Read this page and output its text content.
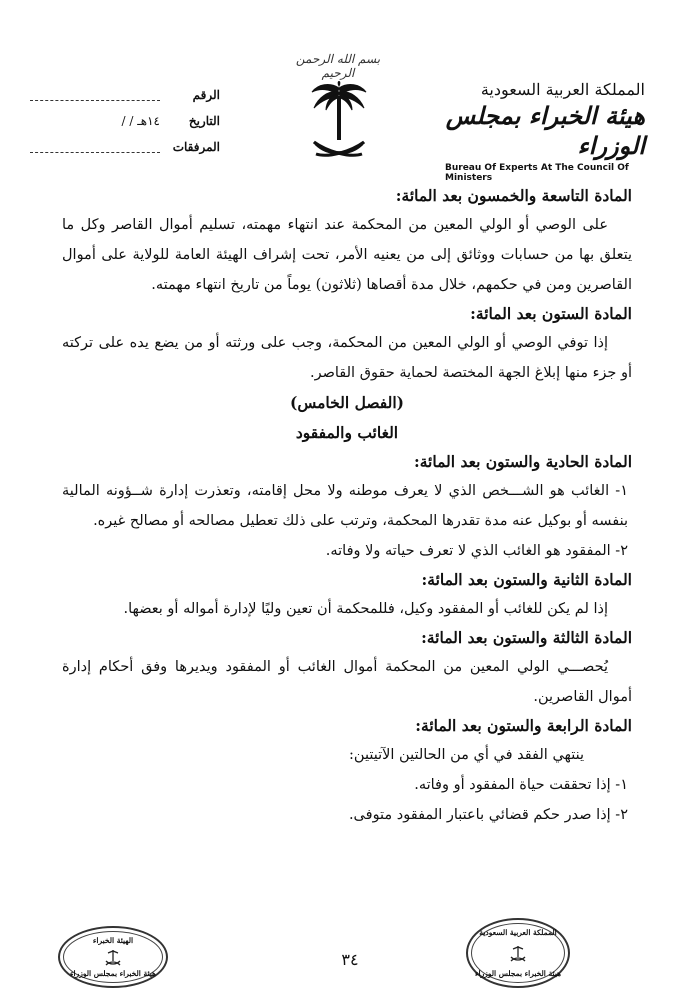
بسم الله الرحمن الرحيم
المملكة العربية السعودية
هيئة الخبراء بمجلس الوزراء
Bureau Of Experts At The Council Of Ministers
الرقم
التاريخ
/ / ١٤هـ
المرفقات

المادة التاسعة والخمسون بعد المائة:

على الوصي أو الولي المعين من المحكمة عند انتهاء مهمته، تسليم أموال القاصر وكل ما يتعلق بها من حسابات ووثائق إلى من يعنيه الأمر، تحت إشراف الهيئة العامة للولاية على أموال القاصرين ومن في حكمهم، خلال مدة أقصاها (ثلاثون) يوماً من تاريخ انتهاء مهمته.

المادة الستون بعد المائة:

إذا توفي الوصي أو الولي المعين من المحكمة، وجب على ورثته أو من يضع يده على تركته أو جزء منها إبلاغ الجهة المختصة لحماية حقوق القاصر.

(الفصل الخامس)

الغائب والمفقود

المادة الحادية والستون بعد المائة:

١- الغائب هو الشـــخص الذي لا يعرف موطنه ولا محل إقامته، وتعذرت إدارة شــؤونه المالية بنفسه أو بوكيل عنه مدة تقدرها المحكمة، وترتب على ذلك تعطيل مصالحه أو مصالح غيره.

٢- المفقود هو الغائب الذي لا تعرف حياته ولا وفاته.

المادة الثانية والستون بعد المائة:

إذا لم يكن للغائب أو المفقود وكيل، فللمحكمة أن تعين وليًا لإدارة أمواله أو بعضها.

المادة الثالثة والستون بعد المائة:

يُحصـــي الولي المعين من المحكمة أموال الغائب أو المفقود ويديرها وفق أحكام إدارة أموال القاصرين.

المادة الرابعة والستون بعد المائة:

ينتهي الفقد في أي من الحالتين الآتيتين:

١- إذا تحققت حياة المفقود أو وفاته.

٢- إذا صدر حكم قضائي باعتبار المفقود متوفى.

الهيئة الخبراء
هيئة الخبراء بمجلس الوزراء
٣٤
المملكة العربية السعودية
هيئة الخبراء بمجلس الوزراء
